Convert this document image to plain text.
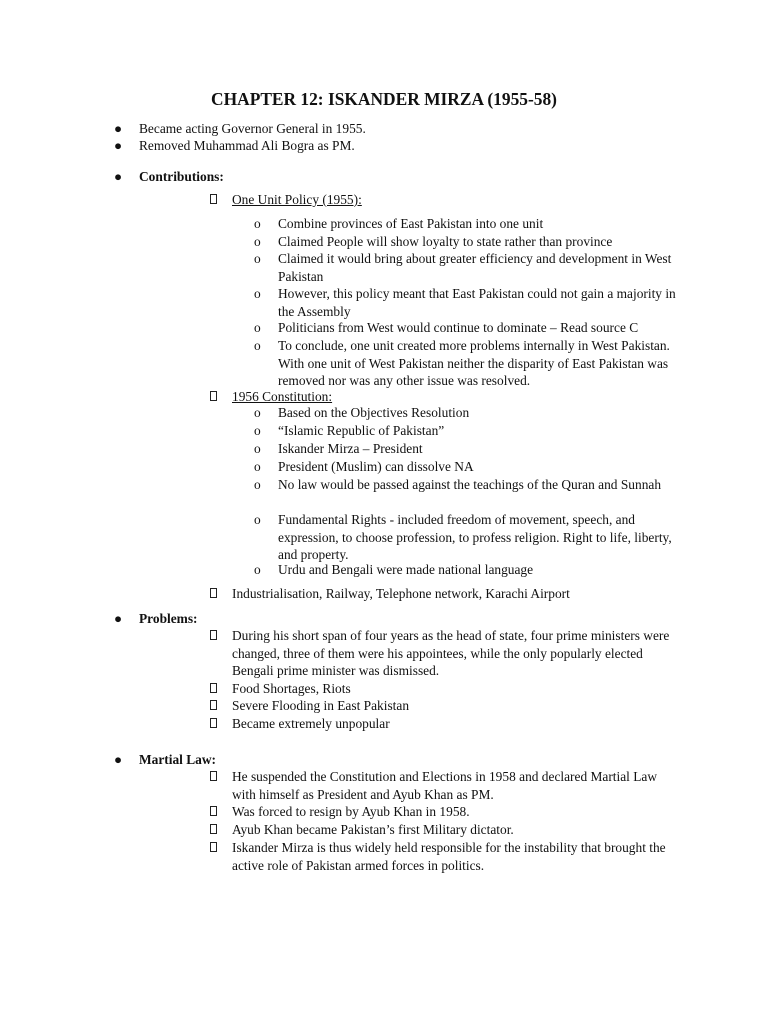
CHAPTER 12: ISKANDER MIRZA (1955-58)
●	Became acting Governor General in 1955.
●	Removed Muhammad Ali Bogra as PM.
●	Contributions:
One Unit Policy (1955):
o	Combine provinces of East Pakistan into one unit
o	Claimed People will show loyalty to state rather than province
o	Claimed it would bring about greater efficiency and development in West Pakistan
o	However, this policy meant that East Pakistan could not gain a majority in the Assembly
o	Politicians from West would continue to dominate – Read source C
o	To conclude, one unit created more problems internally in West Pakistan. With one unit of West Pakistan neither the disparity of East Pakistan was removed nor was any other issue was resolved.
1956 Constitution:
o	Based on the Objectives Resolution
o	“Islamic Republic of Pakistan”
o	Iskander Mirza – President
o	President (Muslim) can dissolve NA
o	No law would be passed against the teachings of the Quran and Sunnah
o	Fundamental Rights - included freedom of movement, speech, and expression, to choose profession, to profess religion. Right to life, liberty, and property.
o	Urdu and Bengali were made national language
Industrialisation, Railway, Telephone network, Karachi Airport
●	Problems:
During his short span of four years as the head of state, four prime ministers were changed, three of them were his appointees, while the only popularly elected Bengali prime minister was dismissed.
Food Shortages, Riots
Severe Flooding in East Pakistan
Became extremely unpopular
●	Martial Law:
He suspended the Constitution and Elections in 1958 and declared Martial Law with himself as President and Ayub Khan as PM.
Was forced to resign by Ayub Khan in 1958.
Ayub Khan became Pakistan’s first Military dictator.
Iskander Mirza is thus widely held responsible for the instability that brought the active role of Pakistan armed forces in politics.
